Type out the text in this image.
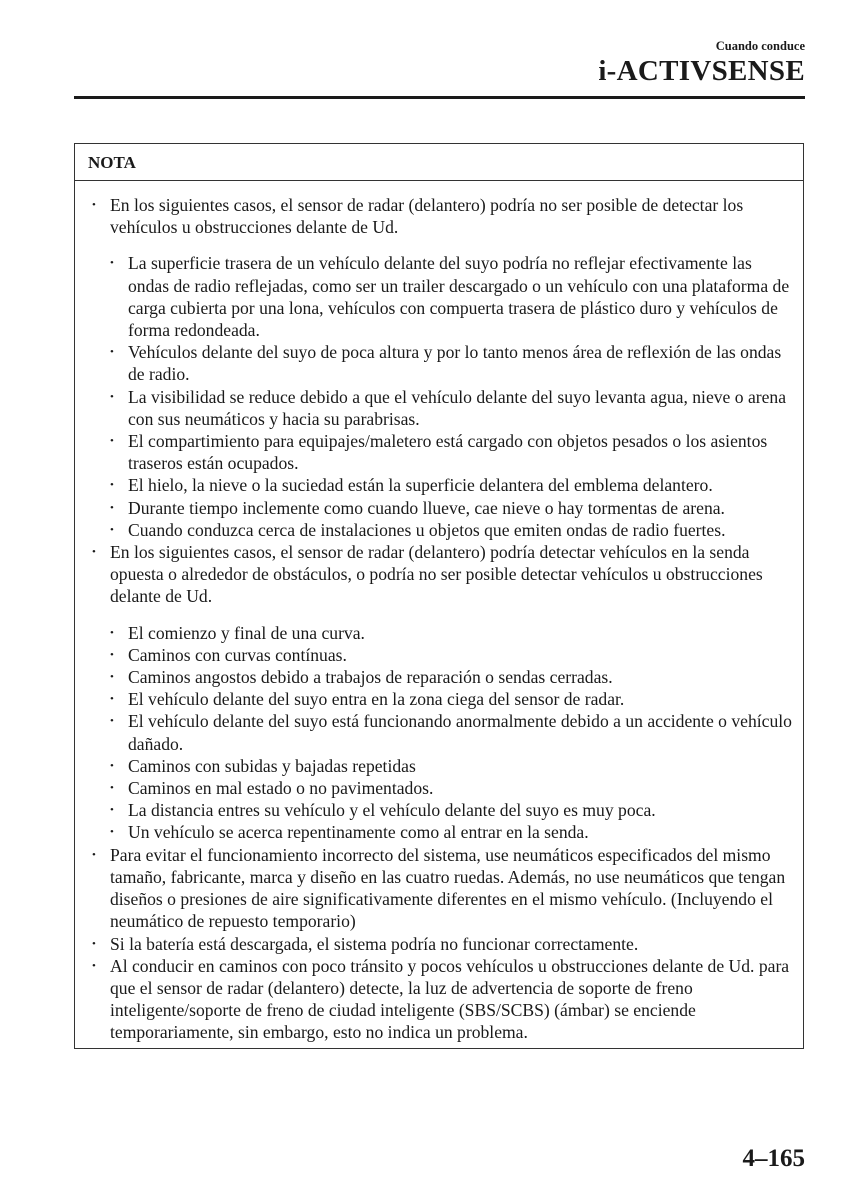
Cuando conduce
i-ACTIVSENSE
NOTA
• En los siguientes casos, el sensor de radar (delantero) podría no ser posible de detectar los vehículos u obstrucciones delante de Ud.
• La superficie trasera de un vehículo delante del suyo podría no reflejar efectivamente las ondas de radio reflejadas, como ser un trailer descargado o un vehículo con una plataforma de carga cubierta por una lona, vehículos con compuerta trasera de plástico duro y vehículos de forma redondeada.
• Vehículos delante del suyo de poca altura y por lo tanto menos área de reflexión de las ondas de radio.
• La visibilidad se reduce debido a que el vehículo delante del suyo levanta agua, nieve o arena con sus neumáticos y hacia su parabrisas.
• El compartimiento para equipajes/maletero está cargado con objetos pesados o los asientos traseros están ocupados.
• El hielo, la nieve o la suciedad están la superficie delantera del emblema delantero.
• Durante tiempo inclemente como cuando llueve, cae nieve o hay tormentas de arena.
• Cuando conduzca cerca de instalaciones u objetos que emiten ondas de radio fuertes.
• En los siguientes casos, el sensor de radar (delantero) podría detectar vehículos en la senda opuesta o alrededor de obstáculos, o podría no ser posible detectar vehículos u obstrucciones delante de Ud.
• El comienzo y final de una curva.
• Caminos con curvas contínuas.
• Caminos angostos debido a trabajos de reparación o sendas cerradas.
• El vehículo delante del suyo entra en la zona ciega del sensor de radar.
• El vehículo delante del suyo está funcionando anormalmente debido a un accidente o vehículo dañado.
• Caminos con subidas y bajadas repetidas
• Caminos en mal estado o no pavimentados.
• La distancia entres su vehículo y el vehículo delante del suyo es muy poca.
• Un vehículo se acerca repentinamente como al entrar en la senda.
• Para evitar el funcionamiento incorrecto del sistema, use neumáticos especificados del mismo tamaño, fabricante, marca y diseño en las cuatro ruedas. Además, no use neumáticos que tengan diseños o presiones de aire significativamente diferentes en el mismo vehículo. (Incluyendo el neumático de repuesto temporario)
• Si la batería está descargada, el sistema podría no funcionar correctamente.
• Al conducir en caminos con poco tránsito y pocos vehículos u obstrucciones delante de Ud. para que el sensor de radar (delantero) detecte, la luz de advertencia de soporte de freno inteligente/soporte de freno de ciudad inteligente (SBS/SCBS) (ámbar) se enciende temporariamente, sin embargo, esto no indica un problema.
4–165
